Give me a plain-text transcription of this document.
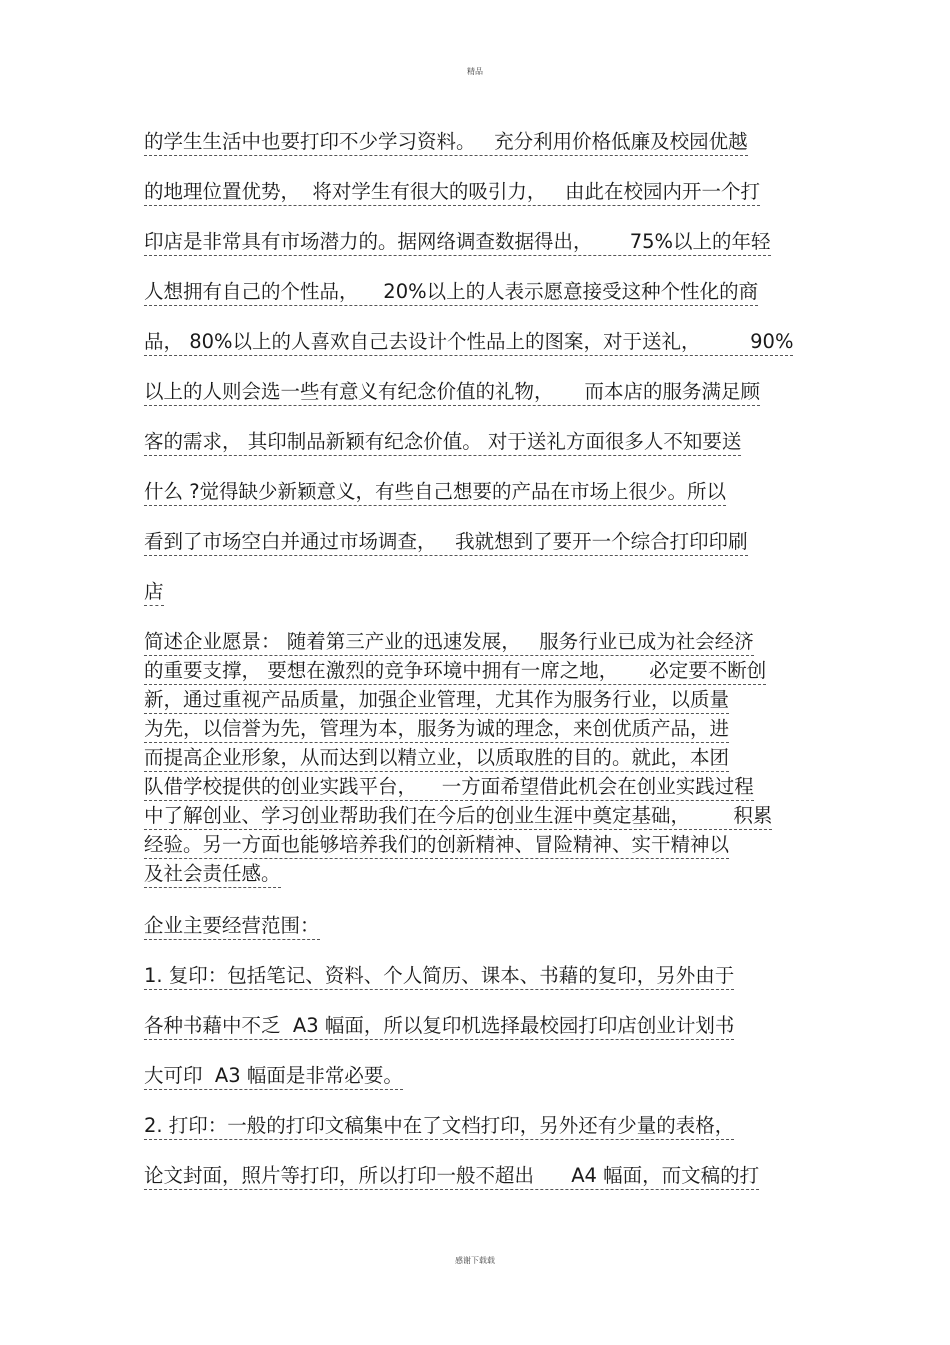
精品
的学生生活中也要打印不少学习资料。   充分利用价格低廉及校园优越
的地理位置优势，  将对学生有很大的吸引力，   由此在校园内开一个打
印店是非常具有市场潜力的。据网络调查数据得出，      75%以上的年轻
人想拥有自己的个性品，    20%以上的人表示愿意接受这种个性化的商
品， 80%以上的人喜欢自己去设计个性品上的图案，对于送礼，        90%
以上的人则会选一些有意义有纪念价值的礼物，     而本店的服务满足顾
客的需求， 其印制品新颖有纪念价值。 对于送礼方面很多人不知要送
什么 ?觉得缺少新颖意义，有些自己想要的产品在市场上很少。所以
看到了市场空白并通过市场调查，   我就想到了要开一个综合打印印刷
店
简述企业愿景： 随着第三产业的迅速发展，   服务行业已成为社会经济
的重要支撑， 要想在激烈的竞争环境中拥有一席之地，     必定要不断创
新，通过重视产品质量，加强企业管理，尤其作为服务行业，以质量
为先，以信誉为先，管理为本，服务为诚的理念，来创优质产品，进
而提高企业形象，从而达到以精立业，以质取胜的目的。就此，本团
队借学校提供的创业实践平台，    一方面希望借此机会在创业实践过程
中了解创业、学习创业帮助我们在今后的创业生涯中奠定基础，       积累
经验。另一方面也能够培养我们的创新精神、冒险精神、实干精神以
及社会责任感。
企业主要经营范围：
1. 复印：包括笔记、资料、个人简历、课本、书藉的复印，另外由于
各种书藉中不乏  A3 幅面，所以复印机选择最校园打印店创业计划书
大可印  A3 幅面是非常必要。
2. 打印：一般的打印文稿集中在了文档打印，另外还有少量的表格，
论文封面，照片等打印，所以打印一般不超出      A4 幅面，而文稿的打
感谢下载载
